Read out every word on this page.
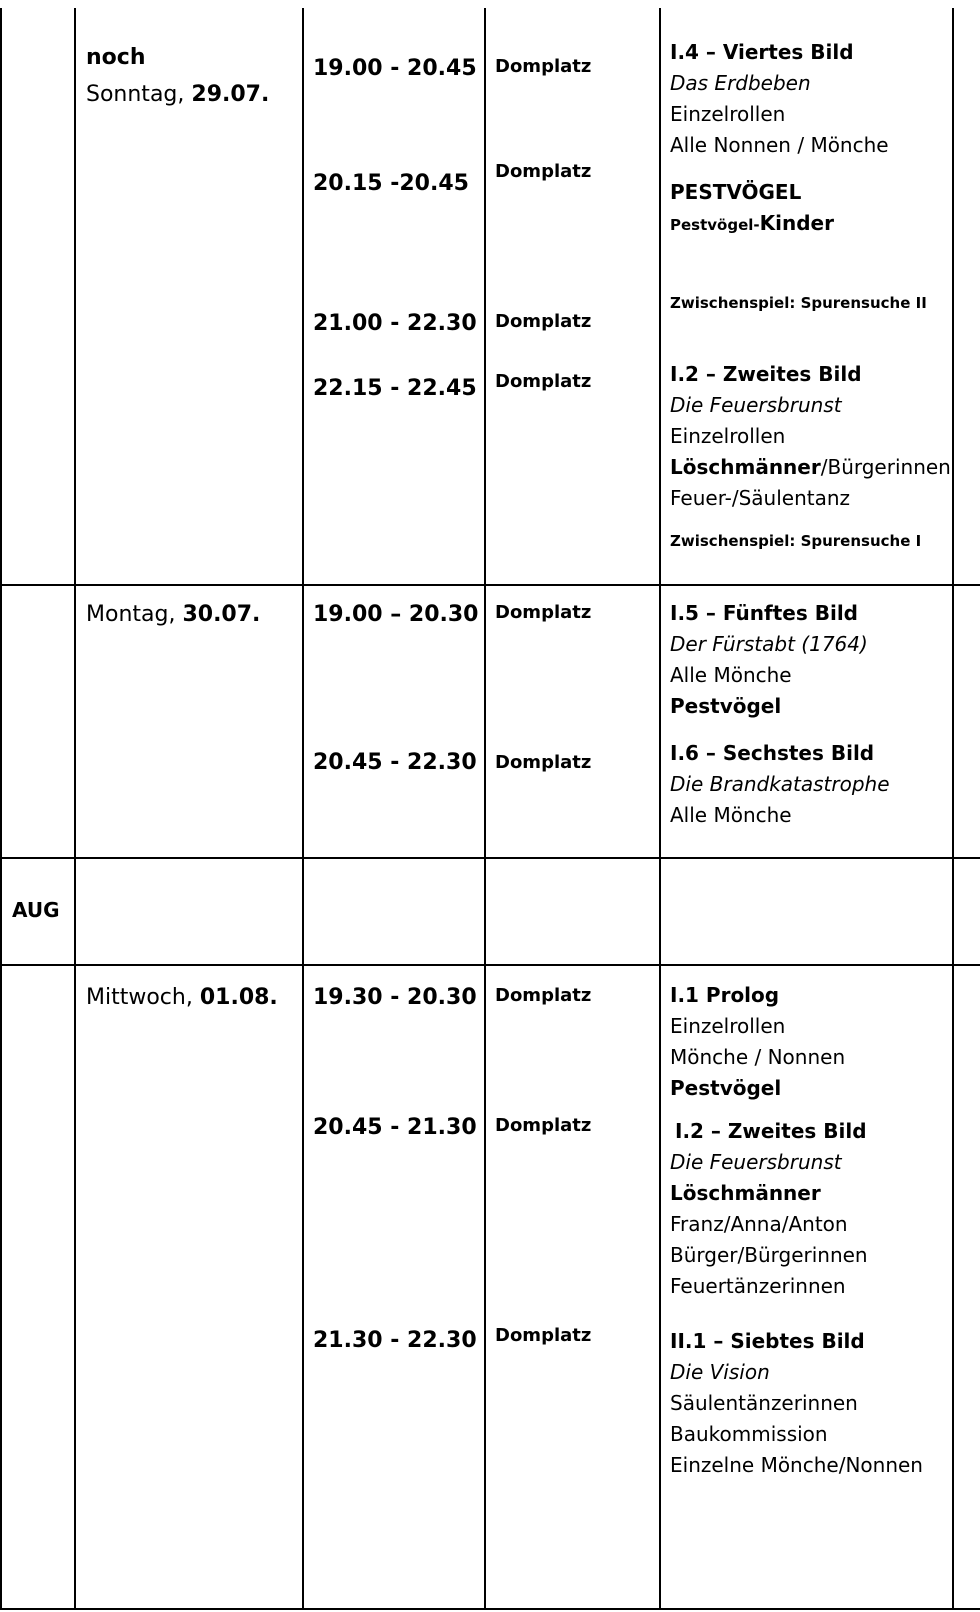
noch
Sonntag, 29.07.
19.00 - 20.45 Domplatz
20.15 -20.45 Domplatz
21.00 - 22.30 Domplatz
22.15 - 22.45 Domplatz
I.4 – Viertes Bild
Das Erdbeben
Einzelrollen
Alle Nonnen / Mönche
PESTVÖGEL
Pestvögel-Kinder
Zwischenspiel: Spurensuche II
I.2 – Zweites Bild
Die Feuersbrunst
Einzelrollen
Löschmänner/Bürgerinnen
Feuer-/Säulentanz
Zwischenspiel: Spurensuche I
Montag, 30.07. 19.00 – 20.30 Domplatz
20.45 - 22.30 Domplatz
I.5 – Fünftes Bild
Der Fürstabt (1764)
Alle Mönche
Pestvögel
I.6 – Sechstes Bild
Die Brandkatastrophe
Alle Mönche
AUG
Mittwoch, 01.08. 19.30 - 20.30 Domplatz
20.45 - 21.30 Domplatz
21.30 - 22.30 Domplatz
I.1 Prolog
Einzelrollen
Mönche / Nonnen
Pestvögel
I.2 – Zweites Bild
Die Feuersbrunst
Löschmänner
Franz/Anna/Anton
Bürger/Bürgerinnen
Feuertänzerinnen
II.1 – Siebtes Bild
Die Vision
Säulentänzerinnen
Baukommission
Einzelne Mönche/Nonnen
